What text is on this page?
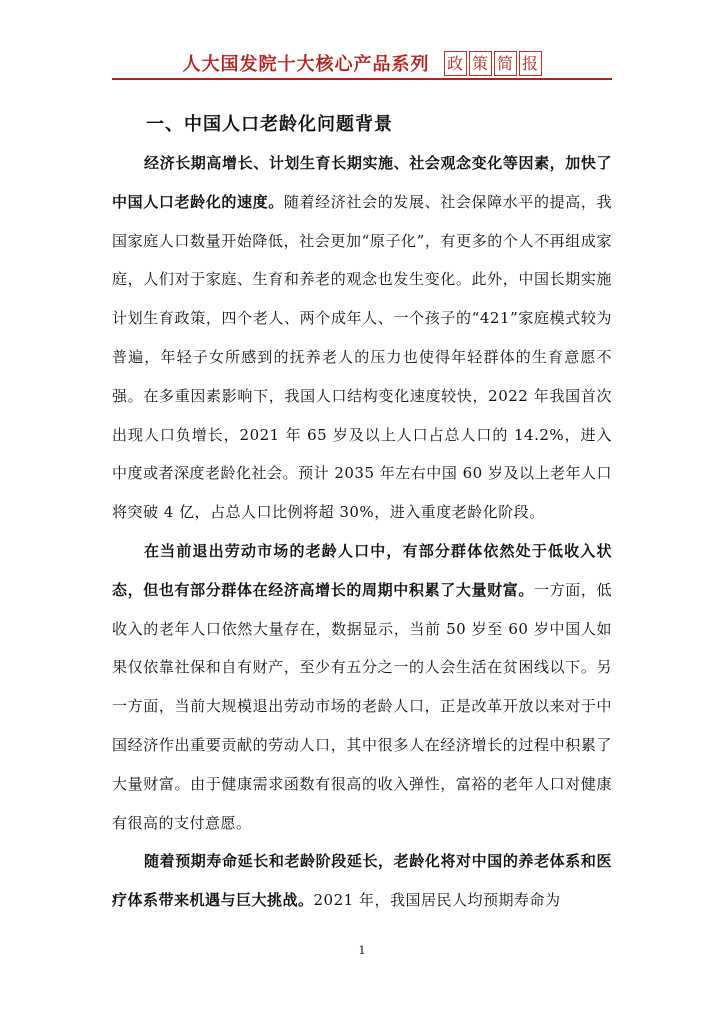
人大国发院十大核心产品系列 政 策 简 报
一、中国人口老龄化问题背景

经济长期高增长、计划生育长期实施、社会观念变化等因素，加快了中国人口老龄化的速度。随着经济社会的发展、社会保障水平的提高，我国家庭人口数量开始降低，社会更加“原子化”，有更多的个人不再组成家庭，人们对于家庭、生育和养老的观念也发生变化。此外，中国长期实施计划生育政策，四个老人、两个成年人、一个孩子的“421”家庭模式较为普遍，年轻子女所感到的抚养老人的压力也使得年轻群体的生育意愿不强。在多重因素影响下，我国人口结构变化速度较快，2022 年我国首次出现人口负增长，2021 年 65 岁及以上人口占总人口的 14.2%，进入中度或者深度老龄化社会。预计 2035 年左右中国 60 岁及以上老年人口将突破 4 亿，占总人口比例将超 30%，进入重度老龄化阶段。

在当前退出劳动市场的老龄人口中，有部分群体依然处于低收入状态，但也有部分群体在经济高增长的周期中积累了大量财富。一方面，低收入的老年人口依然大量存在，数据显示，当前 50 岁至 60 岁中国人如果仅依靠社保和自有财产，至少有五分之一的人会生活在贫困线以下。另一方面，当前大规模退出劳动市场的老龄人口，正是改革开放以来对于中国经济作出重要贡献的劳动人口，其中很多人在经济增长的过程中积累了大量财富。由于健康需求函数有很高的收入弹性，富裕的老年人口对健康有很高的支付意愿。

随着预期寿命延长和老龄阶段延长，老龄化将对中国的养老体系和医疗体系带来机遇与巨大挑战。2021 年，我国居民人均预期寿命为

1
